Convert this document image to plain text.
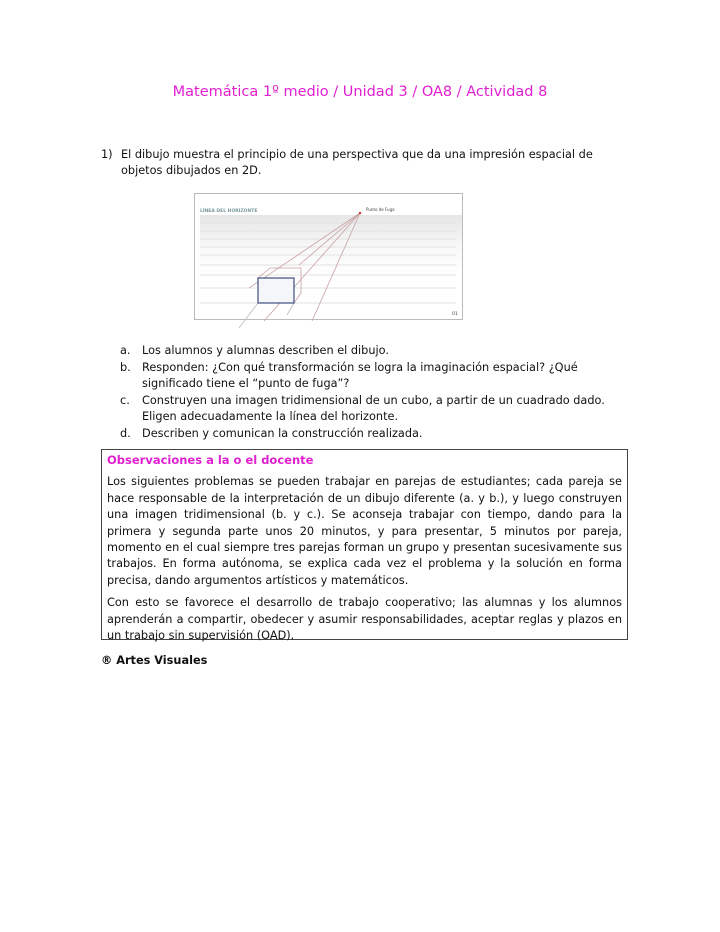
Matemática 1º medio / Unidad 3 / OA8 / Actividad 8
1) El dibujo muestra el principio de una perspectiva que da una impresión espacial de objetos dibujados en 2D.
LÍNEA DEL HORIZONTE	Punto de Fuga
01
a. Los alumnos y alumnas describen el dibujo.
b. Responden: ¿Con qué transformación se logra la imaginación espacial? ¿Qué significado tiene el “punto de fuga”?
c. Construyen una imagen tridimensional de un cubo, a partir de un cuadrado dado. Eligen adecuadamente la línea del horizonte.
d. Describen y comunican la construcción realizada.
Observaciones a la o el docente

Los siguientes problemas se pueden trabajar en parejas de estudiantes; cada pareja se hace responsable de la interpretación de un dibujo diferente (a. y b.), y luego construyen una imagen tridimensional (b. y c.). Se aconseja trabajar con tiempo, dando para la primera y segunda parte unos 20 minutos, y para presentar, 5 minutos por pareja, momento en el cual siempre tres parejas forman un grupo y presentan sucesivamente sus trabajos. En forma autónoma, se explica cada vez el problema y la solución en forma precisa, dando argumentos artísticos y matemáticos.

Con esto se favorece el desarrollo de trabajo cooperativo; las alumnas y los alumnos aprenderán a compartir, obedecer y asumir responsabilidades, aceptar reglas y plazos en un trabajo sin supervisión (OAD).

® Artes Visuales
